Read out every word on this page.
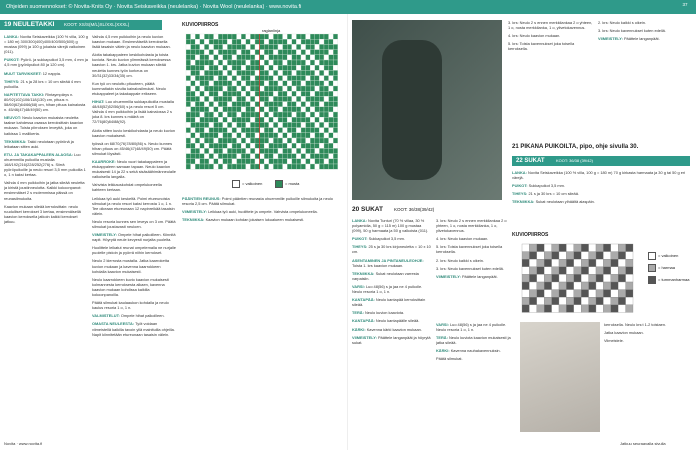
Ohjeiden suomennokset: © Novita-Knits Oy · Novita Seiskaveikka (neulelanka) · Novita Wool (neulelanka) · www.novita.fi
19 NEULETAKKI KOOT: XS/S(M/L)XL/XXL(XXXL)

LANKA: Novita Seiskaveikka (100 % villa, 100 g = 180 m) 300/300(400)400/400/500(600) g mustaa (099) ja 100 g jokaista värejä valkoinen (011).

PUIKOT: Pyörö- ja sukkapuikot 3,5 mm, 4 mm ja 4,5 mm (pyöröpuikot 80 ja 120 cm).

MUUT TARVIKKEET: 12 nappia.

TIHEYS: 21 s ja 28 krs = 10 cm sileää 4 mm puikoilla.

NAPITETTAVA TAKKI: Rintaympärys n. 80/92(102)106/118(130) cm, pituus n. 58/60(62)64/66(68) cm, hihan pituus kainalosta n. 45/46(47)48/49(50) cm.

NEUVOT: Neulo kaavion mukaista neuletta taakse kahdessa osassa kerroksittain kaavion mukaan. Toista piirroksen leveyttä, joka on kaikissa 1 mallikerta.

TEKNIIKKA: Takki neulotaan pyörönä ja leikataan sitten auki.

ETU- JA TAKAKAPPALEEN ALAOSA: Luo ohuemmilla puikoilla mustalla 168/192(216)228/252(276) s. Siirrä pyöröpuikoille ja neulo resori 3,5 mm puikoilla 1 o, 1 n kaksi kertaa.

Vaihda 4 mm puikkoihin ja jatka sileää neuletta ja kiristä joustinneulotta. Kaikki kokoonpanot: ensimmäiset 2 s molemmissa päissä on reunasilmukoita.

Kaavion mukaan sileää kerroksittain: neulo ruudulliset kerrokset 3 kertaa, ensimmäisellä kaavion kerroksella jatkoin kaikki kerrokset jatkuu.

Vaihda 4,5 mm puikkoihin ja neulo kuvion kaavion mukaan. Ensimmäisellä kerroksella lisää tasaisin välein ja neulo kaavion mukaan.

Aloita takakappaleen keskikohdasta ja toista kuviota. Neulo kuvion ylimmässä kerroksessa kaavion 1. krs. Jatka kuvion mukaan sileää neuletta kunnes työn korkeus on 30/31(32)33/34(35) cm.

Kun työ on neulottu pituuteen, päätä kummaltakin sivulta kainalosilmukat. Neulo etukappaleet ja takakappale erikseen.

HIHAT: Luo ohuemmilla sukkapuikoilla mustalla 48/48(52)52/56(60) s ja neulo resori 5 cm. Vaihda 4 mm puikkoihin ja lisää kainalossa 2 s joka 8. krs kunnes s määrä on 72/76(80)84/88(92).

Aloita sitten kuvio keskikohdasta ja neulo kuvion kaavion mukaisesti.

työssä on 68/70(76)78/80(86) s. Neulo kunnes hihan pituus on 45/46(47)48/49(50) cm. Päätä silmukat löysästi.

KAARROKE: Neulo vuori takakappaleen ja etukappaleen samaan tapaan. Neulo kaavion mukaisesti 14 ja 22 s sekä sisäsäähimänneulalle valkoisella langalla.

Vahvista leikkauskohdat ompelukoneella kahteen kertaan.

Leikkaa työ auki keskeltä. Poimi etureunoista silmukat ja neulo resori kaksi kerrosta 1 o, 1 n. Tee oikeaan etureunaan 12 napinreikää tasaisin välein.

Neulo resoria kunnes sen leveys on 3 cm. Päätä silmukat joustavasti neuloen.

VIIMEISTELY: Ompele hihat paikoilleen. Kiinnitä napit. Höyrytä neule kevyesti nurjalta puolelta.

Huolittele leikatut reunat ompelemalla ne nurjalle puolelle pistoin ja pyörrä niihin kerrokset.

Neulo 2 kierrosta mustalla. Jatka kaarroketta kuvion mukaan ja kavenna kaarrokkeen kohdalla kaavion mukaisesti.

Neulo kaarrokkeen kuvio kaavion mukaisesti kolmannesta kerroksesta alkaen, kavenna kaavion mukaan kohdissa kaikilla kokoonpanoilla.

Päätä silmukat kaulaaukon kohdalla ja neulo kaulus resoria 1 o, 1 n.

VALMISTELUT: Ompele hihat paikoilleen.

OMASTA NEULEESTA: Työt voidaan viimeistellä kaikilla tavoin yllä mainituilla ohjeilla. Napit kiinnitetään etureunaan tasaisin välein.

KUVIOPIIRROS
raglanlinja
= valkoinen	= musta

PÄÄNTIEN REUNUS: Poimi pääntien reunasta ohuemmille puikoille silmukoita ja neulo resoria 2,5 cm. Päätä silmukat.

VIIMEISTELY: Leikkaa työ auki, huolittele ja ompele. Vahvista ompelukoneella.

TEKNIIKKA: Kaavion mukaan kohdan jokaisen lukualueen mukaisesti.

20 SUKAT KOOT: 36/38(39/42)

LANKA: Novita Tunturi (70 % villaa, 30 % polyamidia, 50 g = 115 m) 100 g mustaa (099), 50 g harmaata ja 50 g valkoista (011).

PUIKOT: Sukkapuikot 3,5 mm.

TIHEYS: 25 s ja 30 krs kirjoneuletta = 10 x 10 cm.

ASENTAMINEN JA PINTANEULEOHJE: Toista 1. krs kaavion mukaan.

TEKNIIKKA: Sukat neulotaan varresta varpaisiin.

VARSI: Luo 48(56) s ja jaa ne 4 puikolle. Neulo resoria 1 o, 1 n.

KANTAPÄÄ: Neulo kantapää kerroksittain sileää.

TERÄ: Neulo kuvion kaaviota.

KANTAPÄÄ: Neulo kantapäälle sileää.

KÄRKI: Kavenna kärki kaavion mukaan.

VIIMEISTELY: Päättele langanpäät ja höyrytä sukat.

3. krs: Neulo 2 s ennen merkkilankaa 2 o yhteen, 1 o, nosta merkkilanka, 1 o, ylivetokavennus.

4. krs: Neulo kaavion mukaan.

5. krs: Toista kavennukset joka toisella kerroksella.

2. krs: Neulo kaikki s oikein.

3. krs: Neulo kavennukset kuten edellä.

VIIMEISTELY: Päättele langanpäät.

3. krs: Neulo 2 s ennen merkkilankaa 2 o yhteen, 1 o, nosta merkkilanka, 1 o, ylivetokavennus.

4. krs: Neulo kaavion mukaan.

5. krs: Toista kavennukset joka toisella kerroksella.

2. krs: Neulo kaikki s oikein.

3. krs: Neulo kavennukset kuten edellä.

VIIMEISTELY: Päättele langanpäät.

21 PIKANA PUIKOILTA, pipo, ohje sivulla 30.
22 SUKAT	KOOT: 36/38 (39/42)

LANKA: Novita Seiskaveikka (100 % villa, 100 g = 180 m) 70 g kirkasta harmaata ja 30 g tai 50 g eri värejä.

PUIKOT: Sukkapuikot 3,5 mm.

TIHEYS: 21 s ja 30 krs = 10 cm sileää.

TEKNIIKKA: Sukat neulotaan ylhäältä alaspäin.

KUVIOPIIRROS
= valkoinen
= harmaa
= tummanharmaa

kerroksella. Neulo krs:t 1-2 toistaen.

Jatka kaavion mukaan.

Viimeistele.

VARSI: Luo 48(56) s ja jaa ne 4 puikolle. Neulo resoria 1 o, 1 n.

TERÄ: Neulo kuviota kaavion mukaisesti ja jatka sileää.

KÄRKI: Kavenna nauhakavennuksin.

Päätä silmukat.

Novita · www.novita.fi	Jatkuu seuraavalla sivulla
37
